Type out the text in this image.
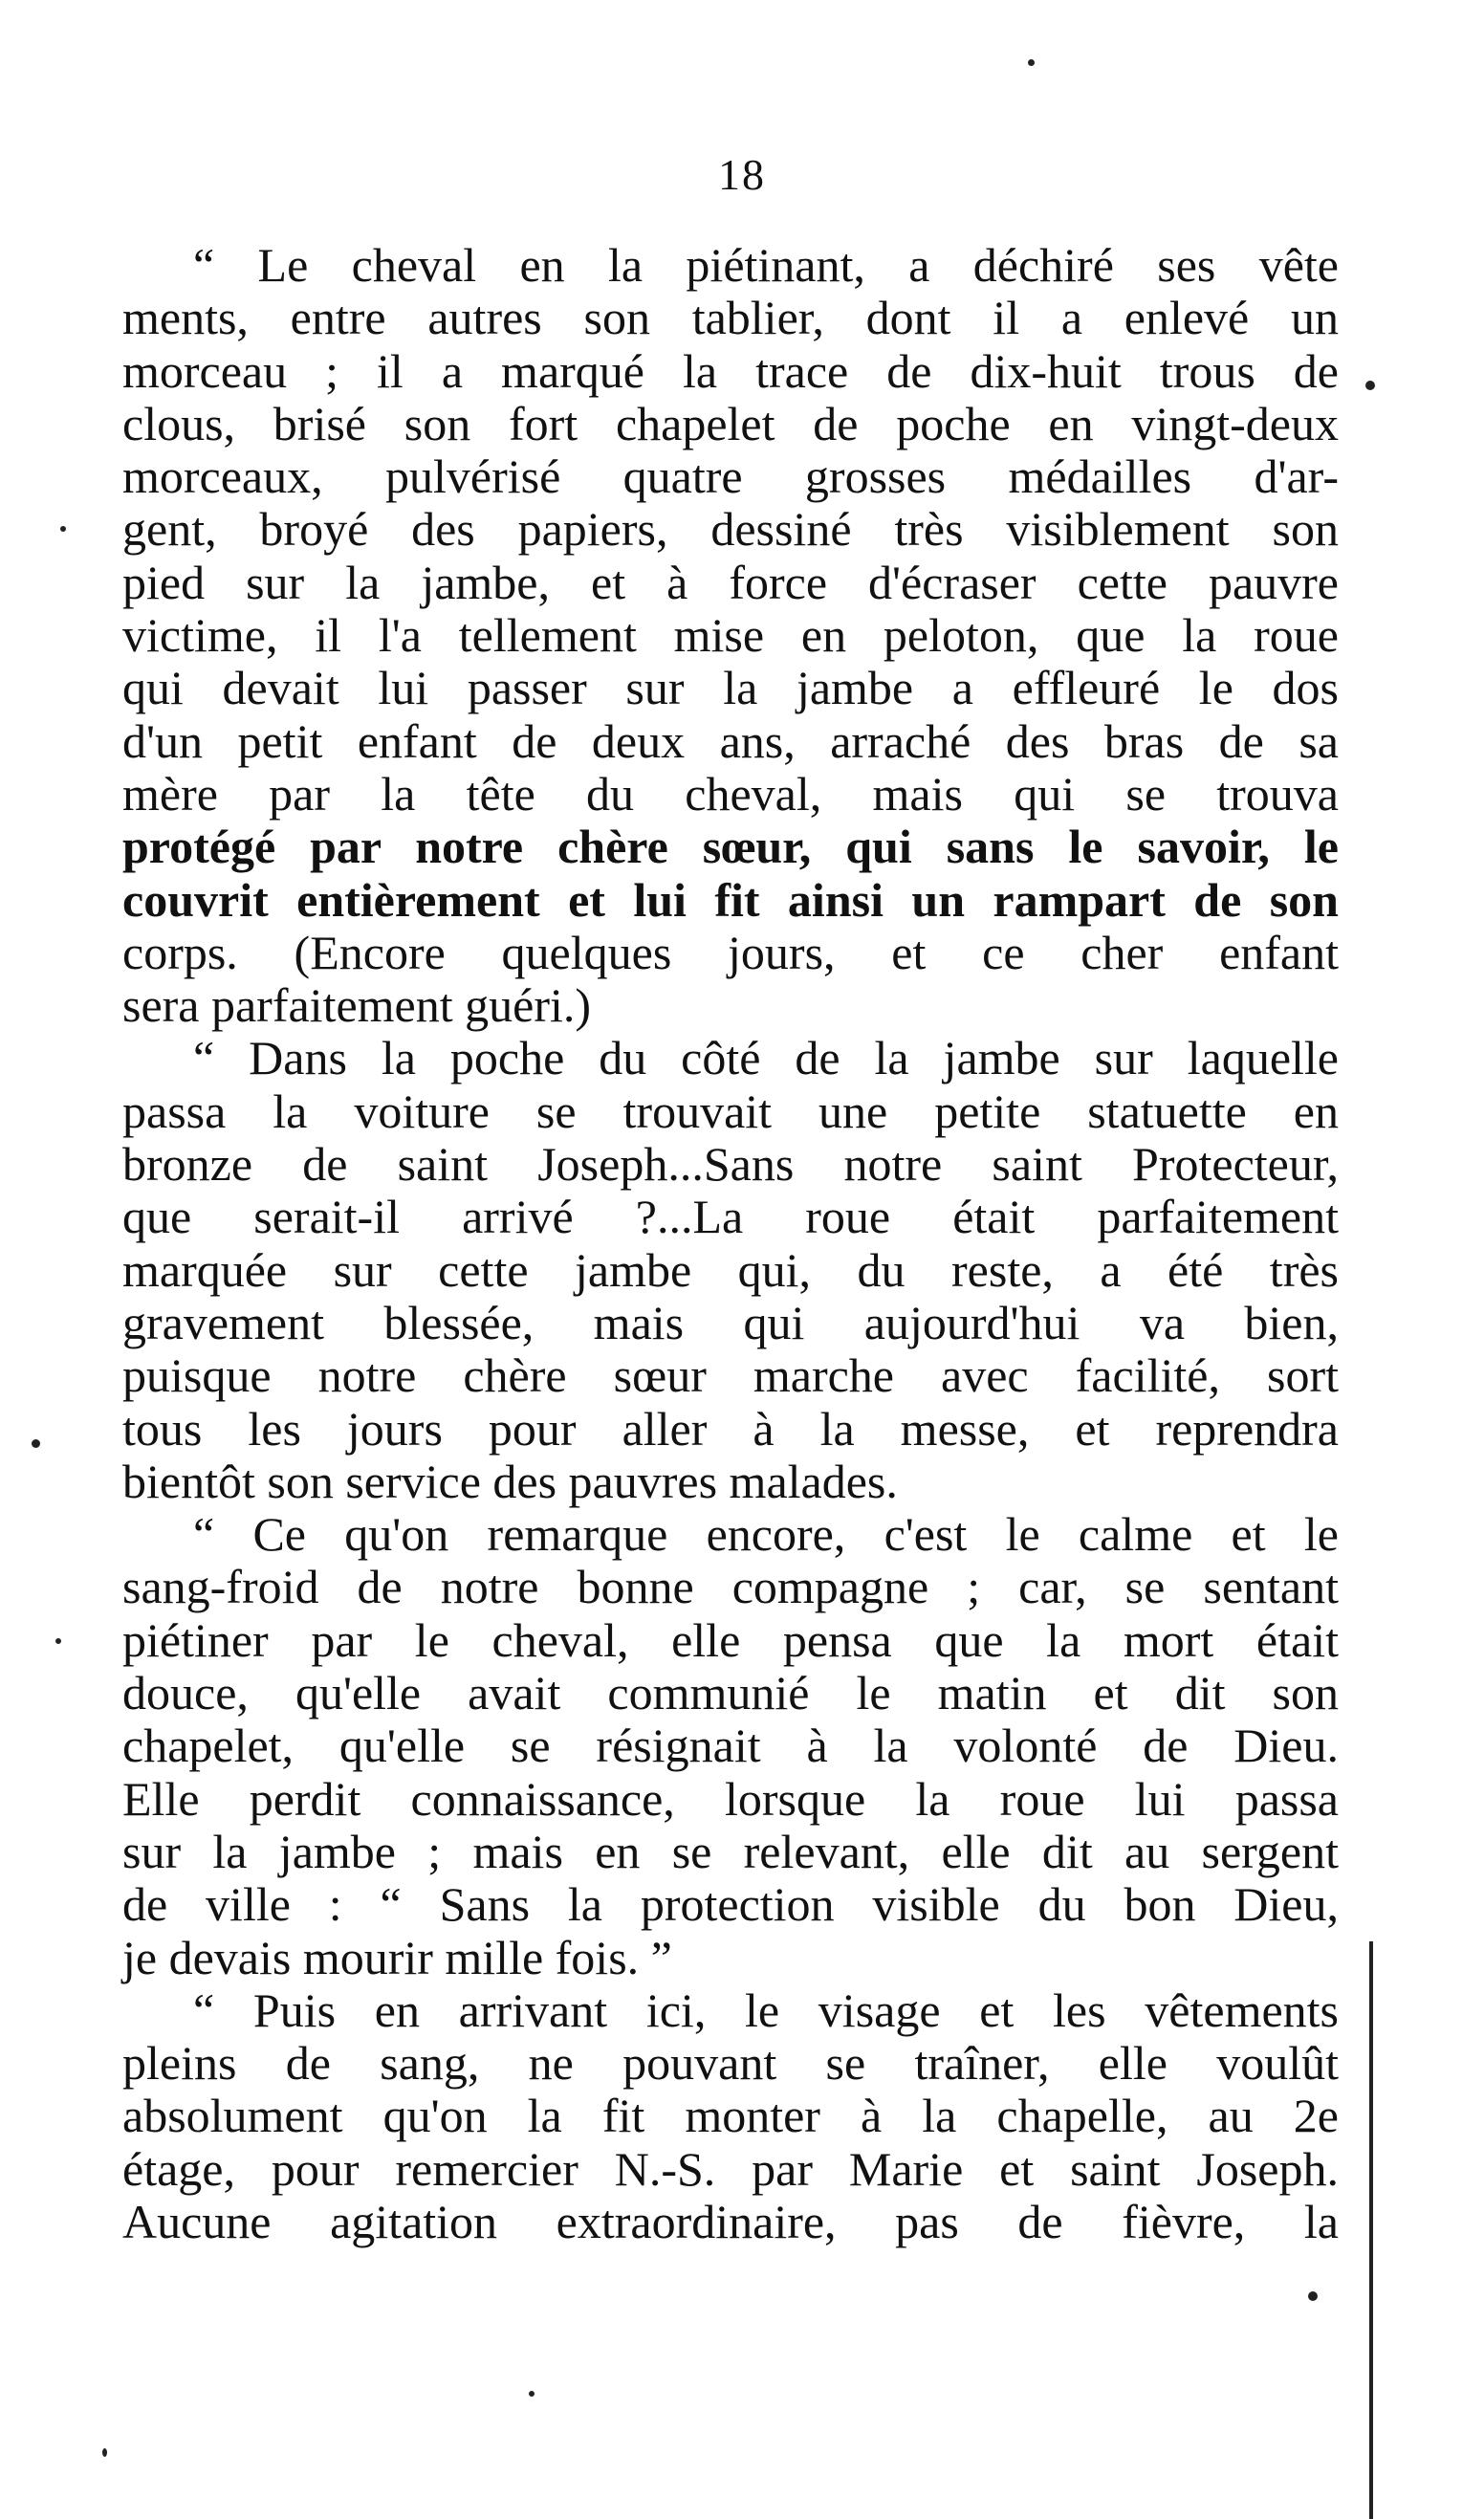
18
“ Le cheval en la piétinant, a déchiré ses vête
ments, entre autres son tablier, dont il a enlevé un
morceau ; il a marqué la trace de dix-huit trous de
clous, brisé son fort chapelet de poche en vingt-deux
morceaux, pulvérisé quatre grosses médailles d'ar-
gent, broyé des papiers, dessiné très visiblement son
pied sur la jambe, et à force d'écraser cette pauvre
victime, il l'a tellement mise en peloton, que la roue
qui devait lui passer sur la jambe a effleuré le dos
d'un petit enfant de deux ans, arraché des bras de sa
mère par la tête du cheval, mais qui se trouva
protégé par notre chère sœur, qui sans le savoir, le
couvrit entièrement et lui fit ainsi un rampart de son
corps. (Encore quelques jours, et ce cher enfant
sera parfaitement guéri.)
“ Dans la poche du côté de la jambe sur laquelle
passa la voiture se trouvait une petite statuette en
bronze de saint Joseph...Sans notre saint Protecteur,
que serait-il arrivé ?...La roue était parfaitement
marquée sur cette jambe qui, du reste, a été très
gravement blessée, mais qui aujourd'hui va bien,
puisque notre chère sœur marche avec facilité, sort
tous les jours pour aller à la messe, et reprendra
bientôt son service des pauvres malades.
“ Ce qu'on remarque encore, c'est le calme et le
sang-froid de notre bonne compagne ; car, se sentant
piétiner par le cheval, elle pensa que la mort était
douce, qu'elle avait communié le matin et dit son
chapelet, qu'elle se résignait à la volonté de Dieu.
Elle perdit connaissance, lorsque la roue lui passa
sur la jambe ; mais en se relevant, elle dit au sergent
de ville : “ Sans la protection visible du bon Dieu,
je devais mourir mille fois. ”
“ Puis en arrivant ici, le visage et les vêtements
pleins de sang, ne pouvant se traîner, elle voulût
absolument qu'on la fit monter à la chapelle, au 2e
étage, pour remercier N.-S. par Marie et saint Joseph.
Aucune agitation extraordinaire, pas de fièvre, la
